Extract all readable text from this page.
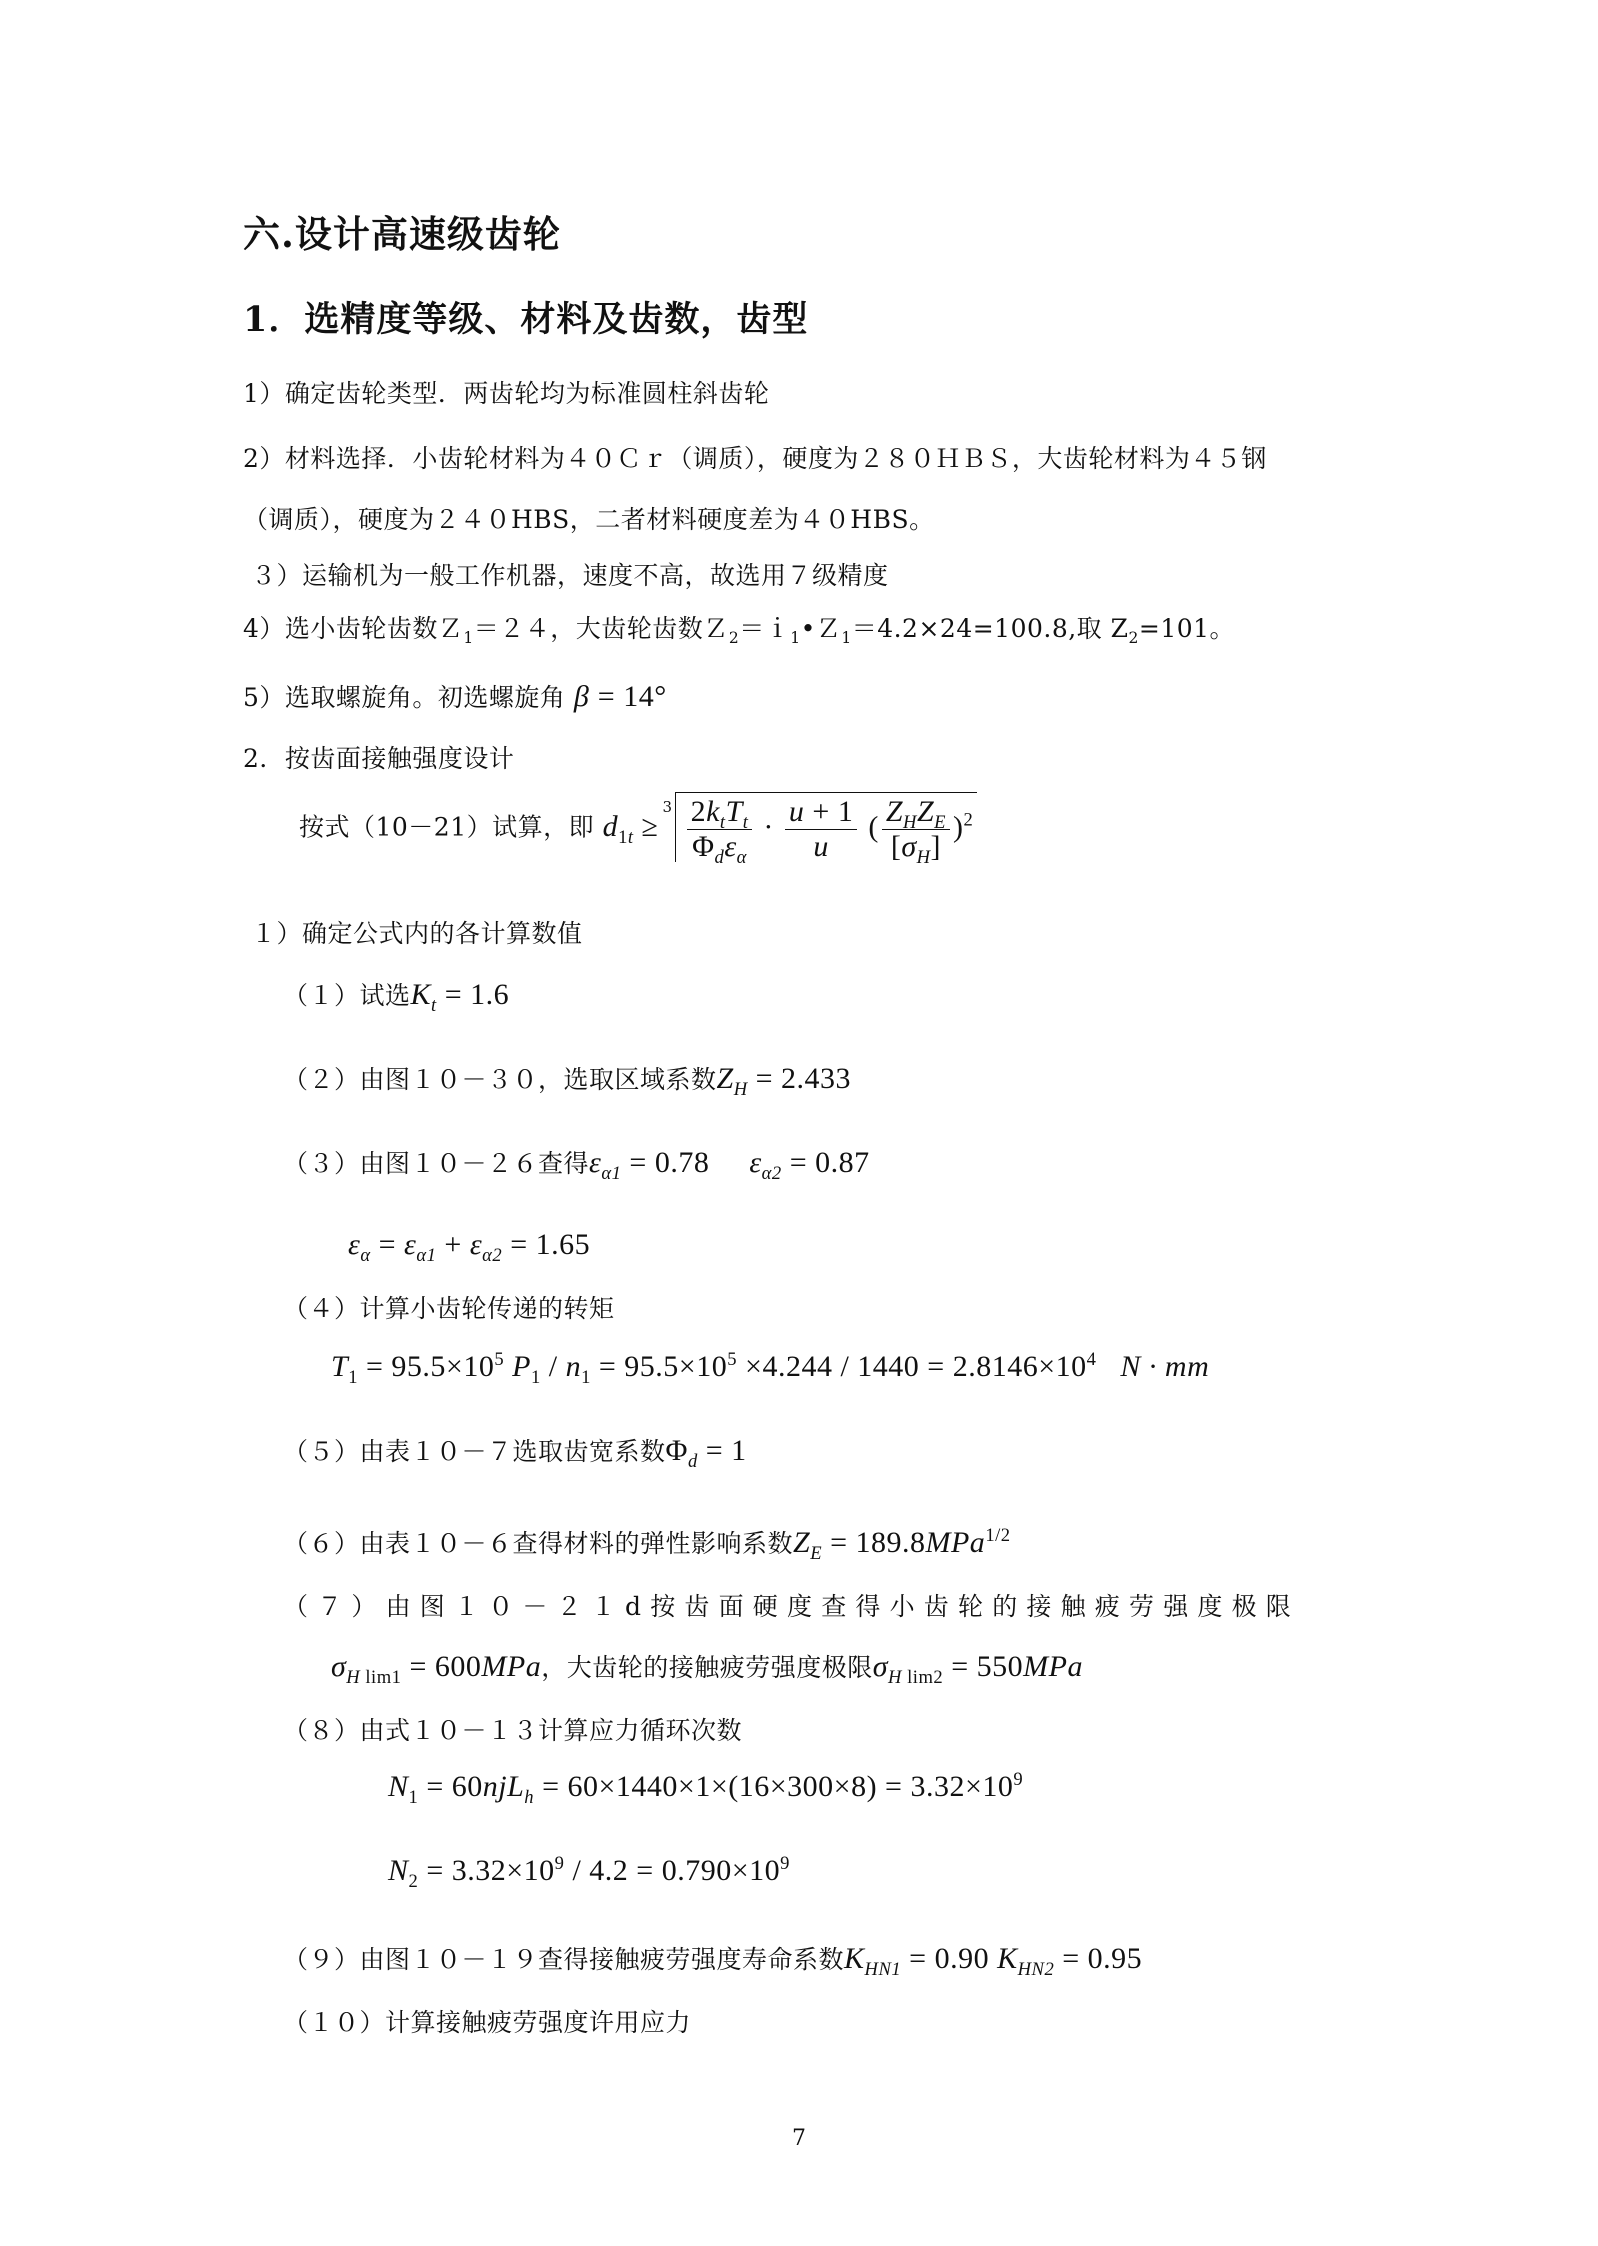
六.设计高速级齿轮
1．选精度等级、材料及齿数，齿型
1）确定齿轮类型．两齿轮均为标准圆柱斜齿轮
2）材料选择．小齿轮材料为４０Ｃｒ（调质），硬度为２８０ＨＢＳ，大齿轮材料为４５钢
（调质），硬度为２４０HBS，二者材料硬度差为４０HBS。
３）运输机为一般工作机器，速度不高，故选用７级精度
4）选小齿轮齿数Ｚ$_1$＝２４，大齿轮齿数Ｚ$_2$＝ｉ$_1$•Ｚ$_1$＝4.2×24=100.8,取 $Z_2=101$。
5）选取螺旋角。初选螺旋角 β = 14°
2．按齿面接触强度设计
按式（10－21）试算，即 $d_{1t} \ge^3 \frac{2k_tT_t}{\Phi_d\varepsilon_\alpha} \cdot \frac{u + 1}{u}$ ( $\frac{Z_HZ_E}{[\sigma_H]} )^2$
１）确定公式内的各计算数值
（１）试选$K_t = 1.6$
（２）由图１０－３０，选取区域系数$Z_H = 2.433$
（３）由图１０－２６查得$\varepsilon_{\alpha 1} = 0.78$ $\varepsilon_{\alpha 2} = 0.87$
$\varepsilon_\alpha = \varepsilon_{\alpha 1} + \varepsilon_{\alpha 2} = 1.65$
（４）计算小齿轮传递的转矩
$T_1 = 95.5\times 10^5$ $P_1 / n_1 = 95.5\times 10^5 \times 4.244 / 1440 = 2.8146\times 10^4$ N · mm
（５）由表１０－７选取齿宽系数$\Phi_d = 1$
（６）由表１０－６查得材料的弹性影响系数$Z_E = 189.8MPa^{1/2}$
（７）由图１０－２１d按齿面硬度查得小齿轮的接触疲劳强度极限
$\sigma_{H lim1} = 600MPa$，大齿轮的接触疲劳强度极限$\sigma_{H lim2} = 550MPa$
（８）由式１０－１３计算应力循环次数
$N_1 = 60njL_h = 60\times 1440\times 1\times(16\times 300\times 8) = 3.32\times 10^9$
$N_2 = 3.32\times 10^9 / 4.2 = 0.790\times 10^9$
（９）由图１０－１９查得接触疲劳强度寿命系数$K_{HN1} = 0.90$ $K_{HN2} = 0.95$
（１０）计算接触疲劳强度许用应力
7
